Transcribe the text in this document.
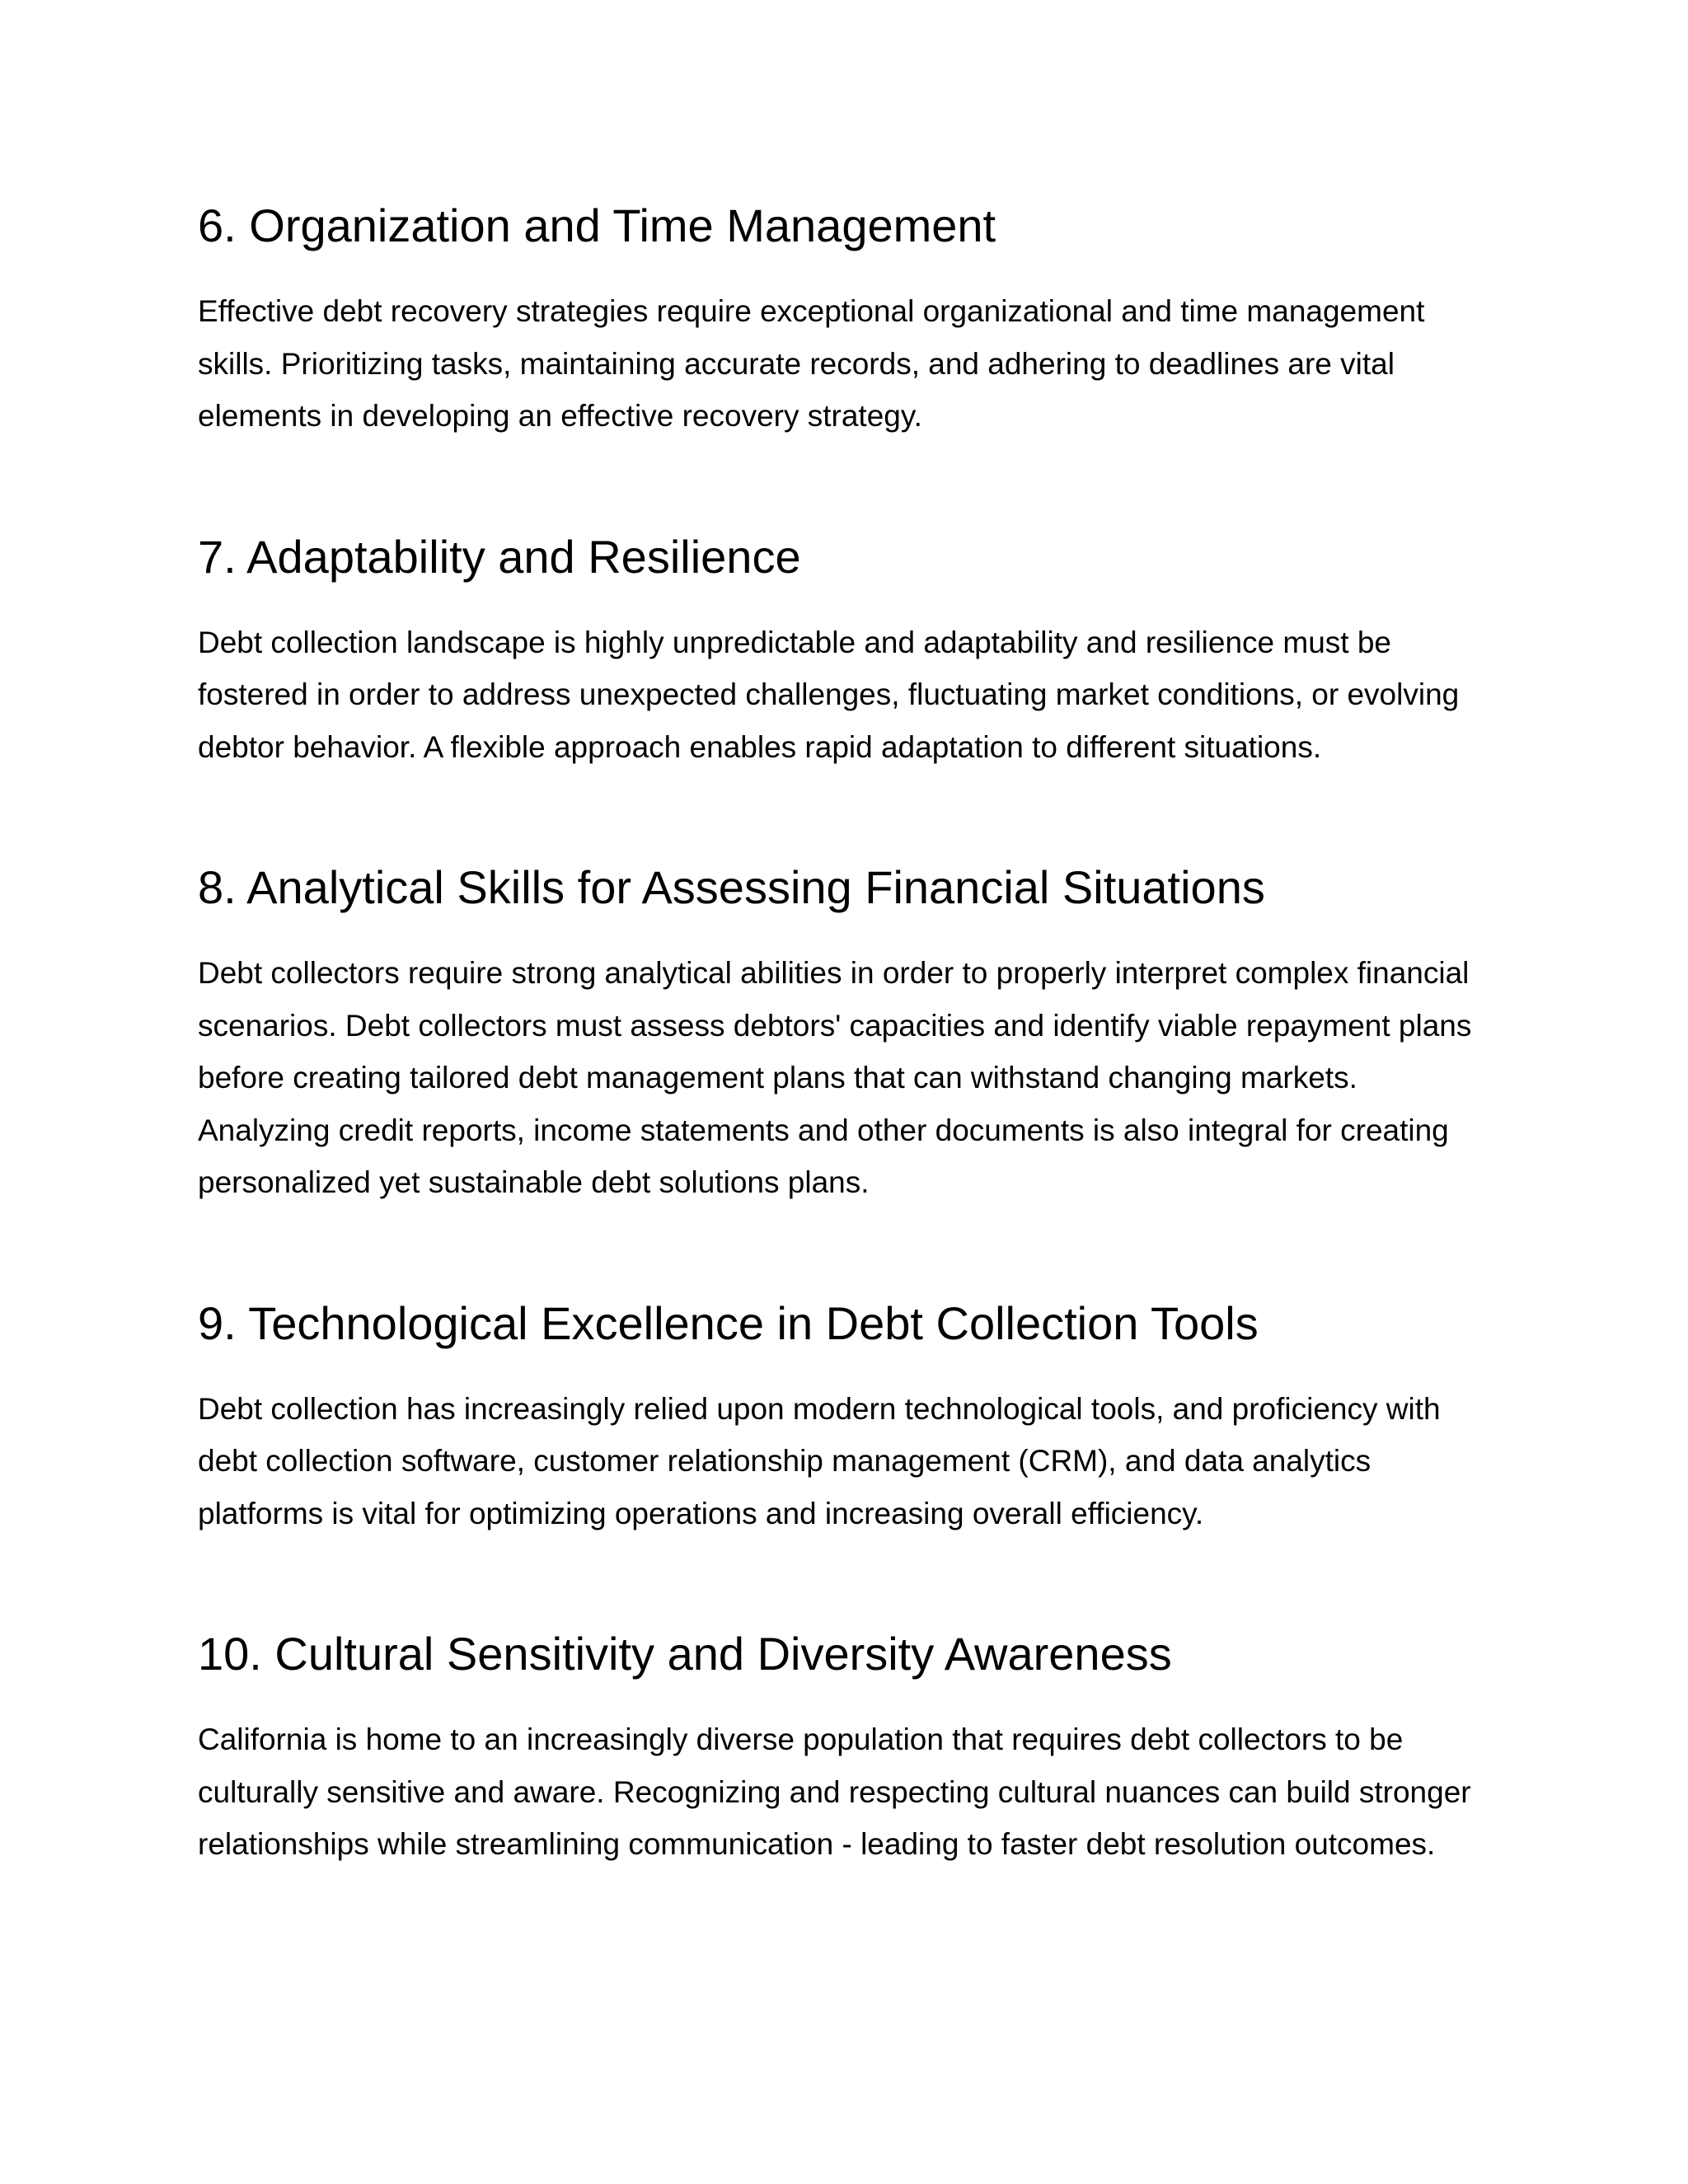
6. Organization and Time Management

Effective debt recovery strategies require exceptional organizational and time management skills. Prioritizing tasks, maintaining accurate records, and adhering to deadlines are vital elements in developing an effective recovery strategy.

7. Adaptability and Resilience

Debt collection landscape is highly unpredictable and adaptability and resilience must be fostered in order to address unexpected challenges, fluctuating market conditions, or evolving debtor behavior. A flexible approach enables rapid adaptation to different situations.

8. Analytical Skills for Assessing Financial Situations

Debt collectors require strong analytical abilities in order to properly interpret complex financial scenarios. Debt collectors must assess debtors' capacities and identify viable repayment plans before creating tailored debt management plans that can withstand changing markets. Analyzing credit reports, income statements and other documents is also integral for creating personalized yet sustainable debt solutions plans.

9. Technological Excellence in Debt Collection Tools

Debt collection has increasingly relied upon modern technological tools, and proficiency with debt collection software, customer relationship management (CRM), and data analytics platforms is vital for optimizing operations and increasing overall efficiency.

10. Cultural Sensitivity and Diversity Awareness

California is home to an increasingly diverse population that requires debt collectors to be culturally sensitive and aware. Recognizing and respecting cultural nuances can build stronger relationships while streamlining communication - leading to faster debt resolution outcomes.
